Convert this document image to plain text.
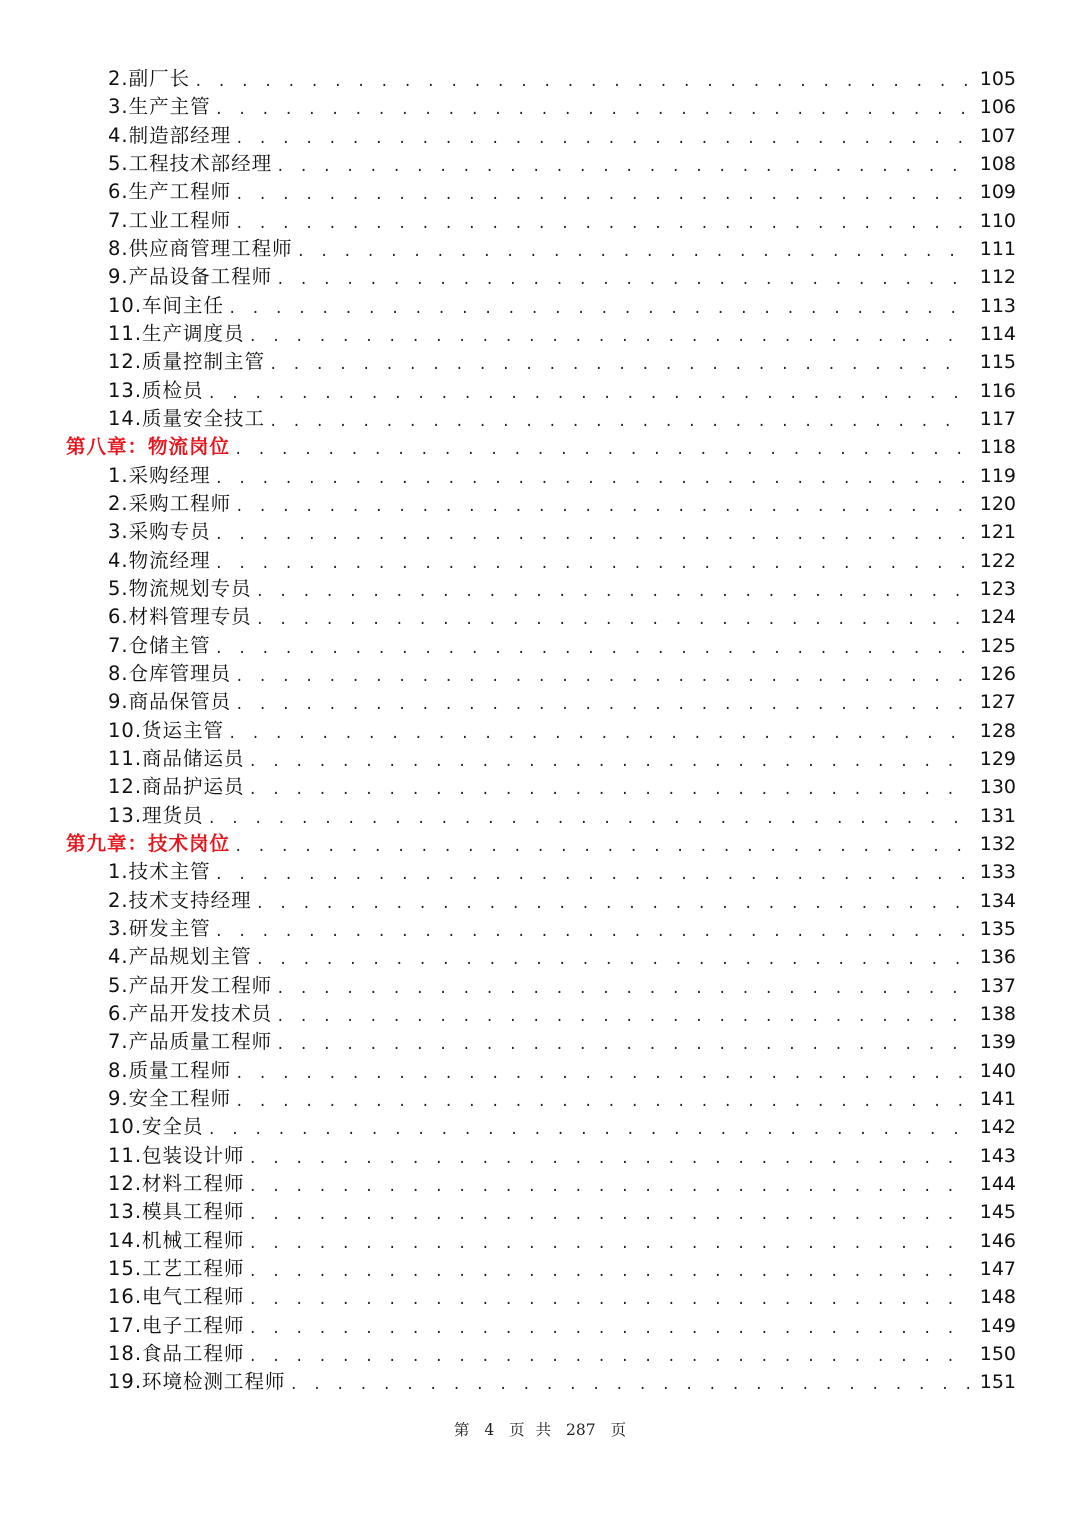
2.副厂长 . . .	105
3.生产主管 . . .	106
4.制造部经理 . . .	107
5.工程技术部经理 . . .	108
6.生产工程师 . . .	109
7.工业工程师 . . .	110
8.供应商管理工程师 . . .	111
9.产品设备工程师 . . .	112
10.车间主任 . . .	113
11.生产调度员 . . .	114
12.质量控制主管 . . .	115
13.质检员 . . .	116
14.质量安全技工 . . .	117
第八章：物流岗位 . . .	118
1.采购经理 . . .	119
2.采购工程师 . . .	120
3.采购专员 . . .	121
4.物流经理 . . .	122
5.物流规划专员 . . .	123
6.材料管理专员 . . .	124
7.仓储主管 . . .	125
8.仓库管理员 . . .	126
9.商品保管员 . . .	127
10.货运主管 . . .	128
11.商品储运员 . . .	129
12.商品护运员 . . .	130
13.理货员 . . .	131
第九章：技术岗位 . . .	132
1.技术主管 . . .	133
2.技术支持经理 . . .	134
3.研发主管 . . .	135
4.产品规划主管 . . .	136
5.产品开发工程师 . . .	137
6.产品开发技术员 . . .	138
7.产品质量工程师 . . .	139
8.质量工程师 . . .	140
9.安全工程师 . . .	141
10.安全员 . . .	142
11.包装设计师 . . .	143
12.材料工程师 . . .	144
13.模具工程师 . . .	145
14.机械工程师 . . .	146
15.工艺工程师 . . .	147
16.电气工程师 . . .	148
17.电子工程师 . . .	149
18.食品工程师 . . .	150
19.环境检测工程师 . . .	151
第 4 页 共 287 页
